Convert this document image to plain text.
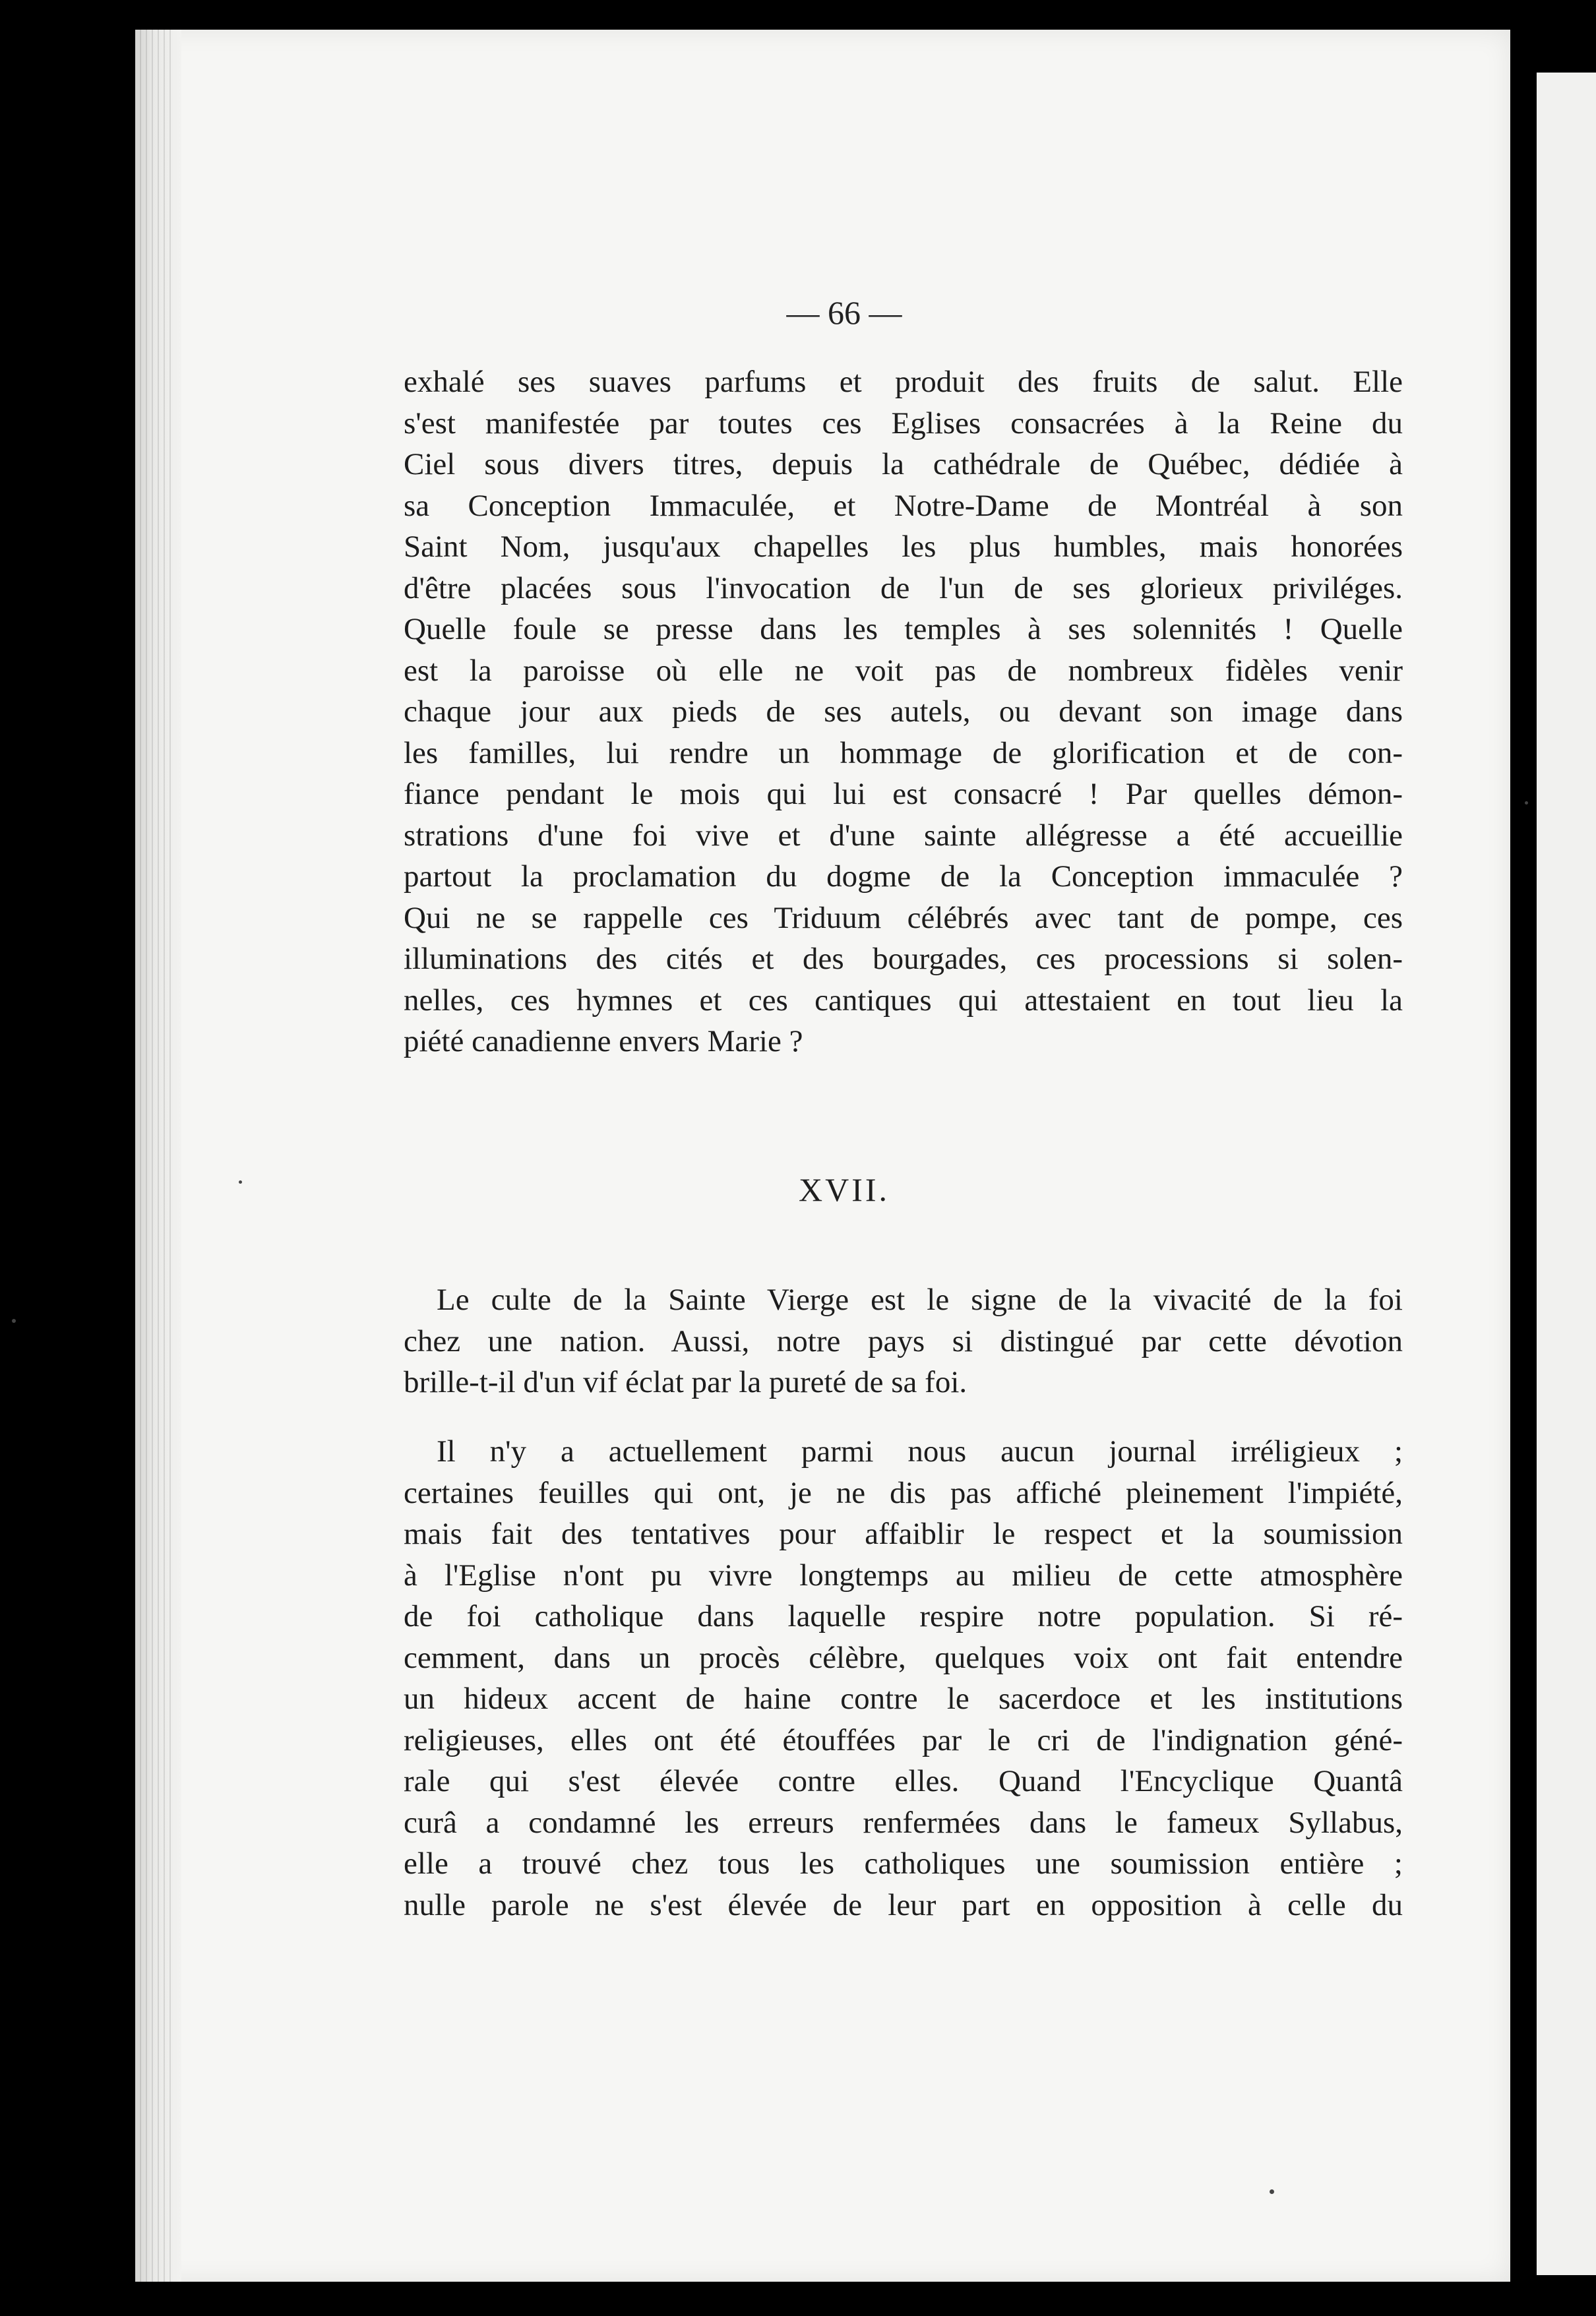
— 66 —
exhalé ses suaves parfums et produit des fruits de salut. Elle
s'est manifestée par toutes ces Eglises consacrées à la Reine du
Ciel sous divers titres, depuis la cathédrale de Québec, dédiée à
sa Conception Immaculée, et Notre-Dame de Montréal à son
Saint Nom, jusqu'aux chapelles les plus humbles, mais honorées
d'être placées sous l'invocation de l'un de ses glorieux priviléges.
Quelle foule se presse dans les temples à ses solennités ! Quelle
est la paroisse où elle ne voit pas de nombreux fidèles venir
chaque jour aux pieds de ses autels, ou devant son image dans
les familles, lui rendre un hommage de glorification et de con-
fiance pendant le mois qui lui est consacré ! Par quelles démon-
strations d'une foi vive et d'une sainte allégresse a été accueillie
partout la proclamation du dogme de la Conception immaculée ?
Qui ne se rappelle ces Triduum célébrés avec tant de pompe, ces
illuminations des cités et des bourgades, ces processions si solen-
nelles, ces hymnes et ces cantiques qui attestaient en tout lieu la
piété canadienne envers Marie ?
XVII.
Le culte de la Sainte Vierge est le signe de la vivacité de la foi
chez une nation. Aussi, notre pays si distingué par cette dévotion
brille-t-il d'un vif éclat par la pureté de sa foi.
Il n'y a actuellement parmi nous aucun journal irréligieux ;
certaines feuilles qui ont, je ne dis pas affiché pleinement l'impiété,
mais fait des tentatives pour affaiblir le respect et la soumission
à l'Eglise n'ont pu vivre longtemps au milieu de cette atmosphère
de foi catholique dans laquelle respire notre population. Si ré-
cemment, dans un procès célèbre, quelques voix ont fait entendre
un hideux accent de haine contre le sacerdoce et les institutions
religieuses, elles ont été étouffées par le cri de l'indignation géné-
rale qui s'est élevée contre elles. Quand l'Encyclique Quantâ
curâ a condamné les erreurs renfermées dans le fameux Syllabus,
elle a trouvé chez tous les catholiques une soumission entière ;
nulle parole ne s'est élevée de leur part en opposition à celle du
